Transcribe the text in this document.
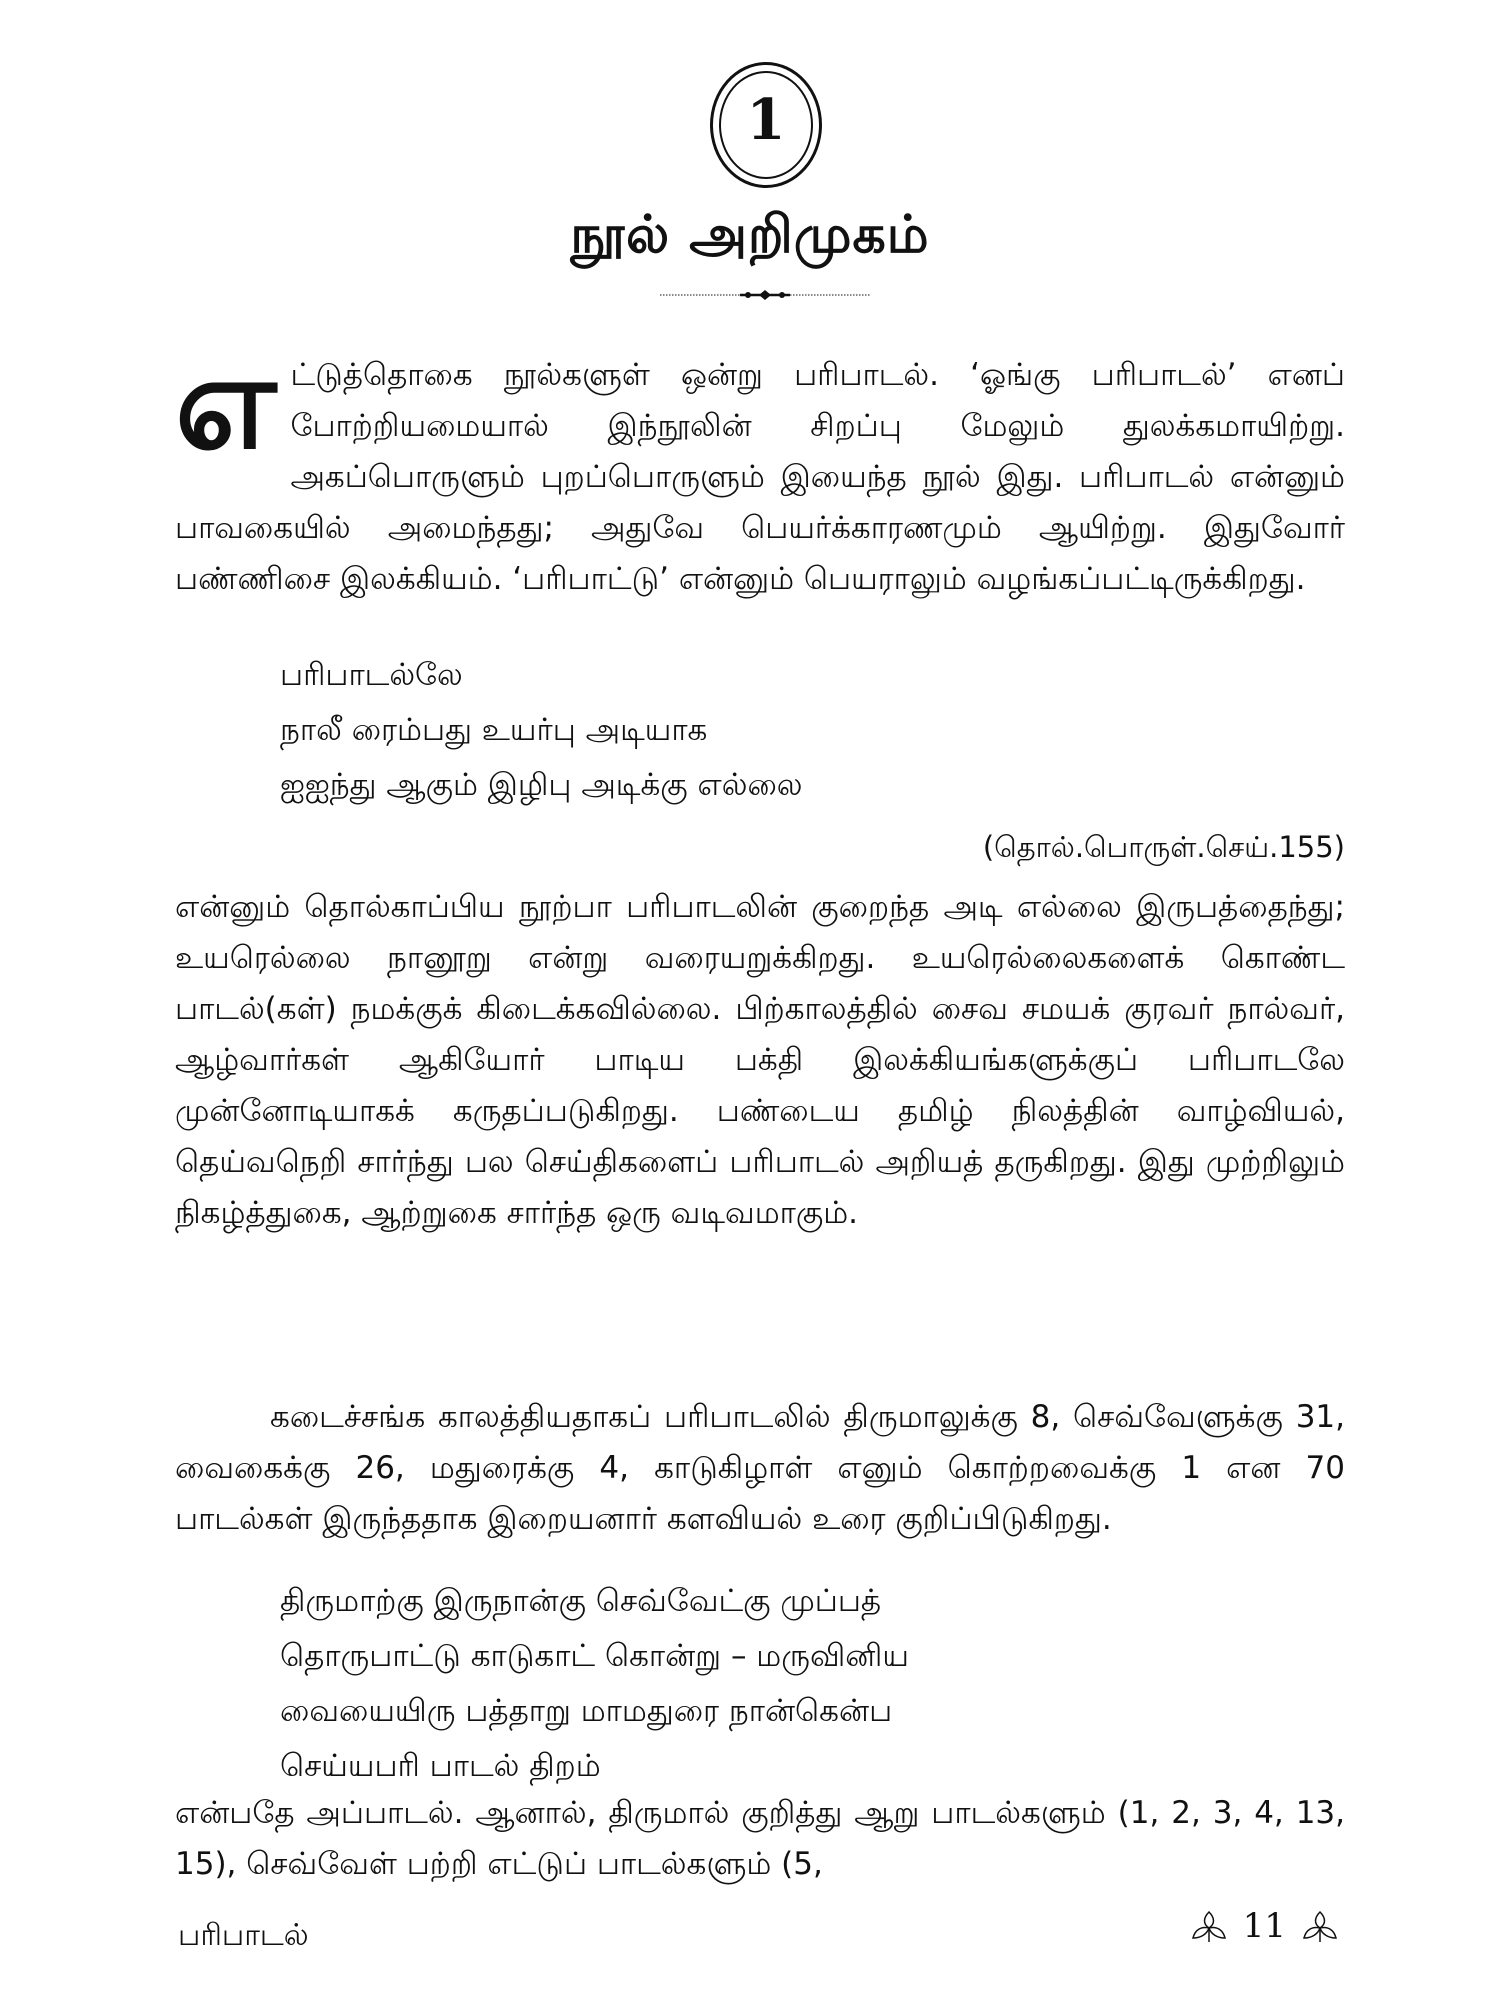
1
நூல் அறிமுகம்

எட்டுத்தொகை நூல்களுள் ஒன்று பரிபாடல். ‘ஓங்கு பரிபாடல்’ எனப் போற்றியமையால் இந்நூலின் சிறப்பு மேலும் துலக்கமாயிற்று. அகப்பொருளும் புறப்பொருளும் இயைந்த நூல் இது. பரிபாடல் என்னும் பாவகையில் அமைந்தது; அதுவே பெயர்க்காரணமும் ஆயிற்று. இதுவோர் பண்ணிசை இலக்கியம். ‘பரிபாட்டு’ என்னும் பெயராலும் வழங்கப்பட்டிருக்கிறது.

பரிபாடல்லே
நாலீ ரைம்பது உயர்பு அடியாக
ஐஐந்து ஆகும் இழிபு அடிக்கு எல்லை
(தொல்.பொருள்.செய்.155)

என்னும் தொல்காப்பிய நூற்பா பரிபாடலின் குறைந்த அடி எல்லை இருபத்தைந்து; உயரெல்லை நானூறு என்று வரையறுக்கிறது. உயரெல்லைகளைக் கொண்ட பாடல்(கள்) நமக்குக் கிடைக்கவில்லை. பிற்காலத்தில் சைவ சமயக் குரவர் நால்வர், ஆழ்வார்கள் ஆகியோர் பாடிய பக்தி இலக்கியங்களுக்குப் பரிபாடலே முன்னோடியாகக் கருதப்படுகிறது. பண்டைய தமிழ் நிலத்தின் வாழ்வியல், தெய்வநெறி சார்ந்து பல செய்திகளைப் பரிபாடல் அறியத் தருகிறது. இது முற்றிலும் நிகழ்த்துகை, ஆற்றுகை சார்ந்த ஒரு வடிவமாகும்.

கடைச்சங்க காலத்தியதாகப் பரிபாடலில் திருமாலுக்கு 8, செவ்வேளுக்கு 31, வைகைக்கு 26, மதுரைக்கு 4, காடுகிழாள் எனும் கொற்றவைக்கு 1 என 70 பாடல்கள் இருந்ததாக இறையனார் களவியல் உரை குறிப்பிடுகிறது.

திருமாற்கு இருநான்கு செவ்வேட்கு முப்பத்
தொருபாட்டு காடுகாட் கொன்று – மருவினிய
வையையிரு பத்தாறு மாமதுரை நான்கென்ப
செய்யபரி பாடல் திறம்

என்பதே அப்பாடல். ஆனால், திருமால் குறித்து ஆறு பாடல்களும் (1, 2, 3, 4, 13, 15), செவ்வேள் பற்றி எட்டுப் பாடல்களும் (5,

பரிபாடல்	11
